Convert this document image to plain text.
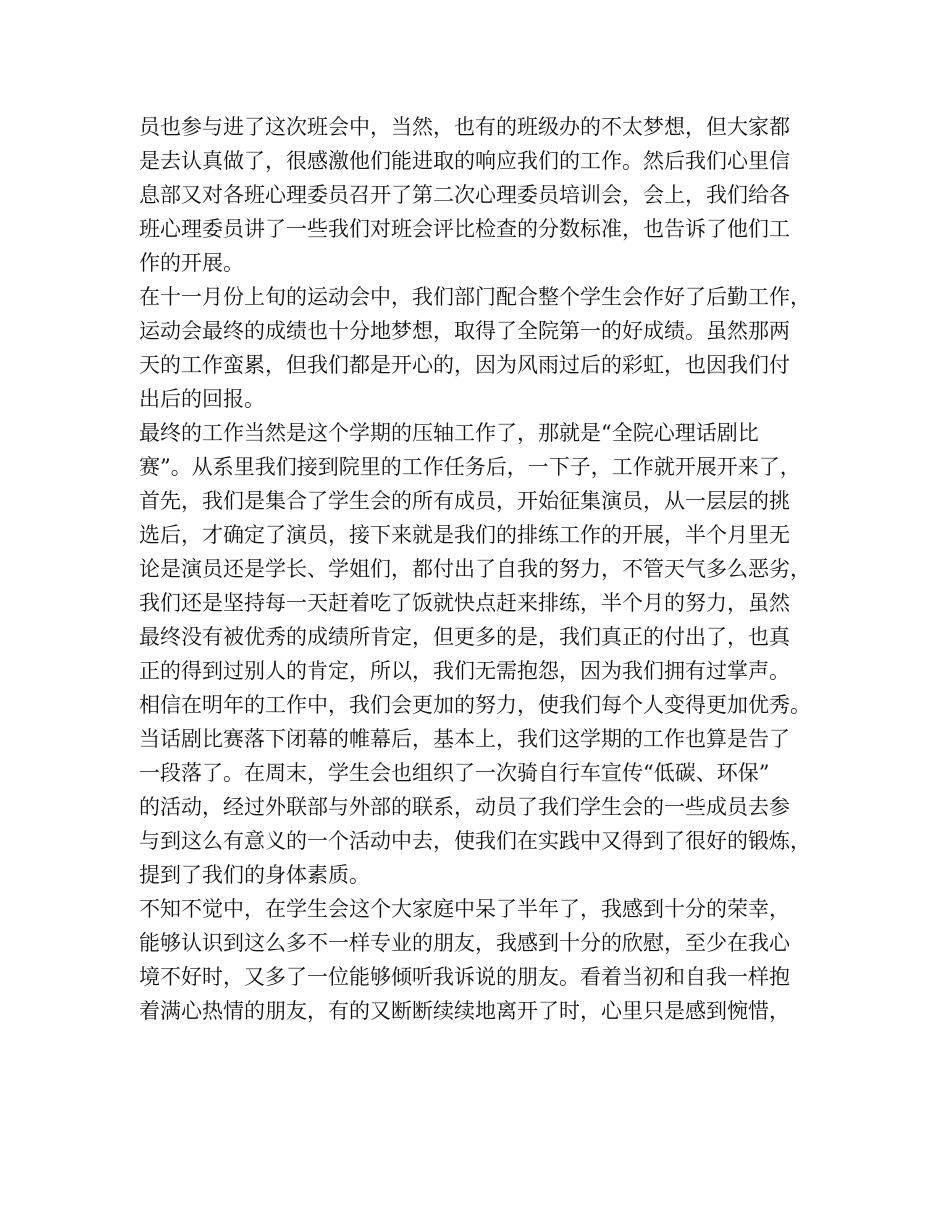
员也参与进了这次班会中，当然，也有的班级办的不太梦想，但大家都
是去认真做了，很感激他们能进取的响应我们的工作。然后我们心里信
息部又对各班心理委员召开了第二次心理委员培训会，会上，我们给各
班心理委员讲了一些我们对班会评比检查的分数标准，也告诉了他们工
作的开展。
在十一月份上旬的运动会中，我们部门配合整个学生会作好了后勤工作，
运动会最终的成绩也十分地梦想，取得了全院第一的好成绩。虽然那两
天的工作蛮累，但我们都是开心的，因为风雨过后的彩虹，也因我们付
出后的回报。
最终的工作当然是这个学期的压轴工作了，那就是“全院心理话剧比
赛”。从系里我们接到院里的工作任务后，一下子，工作就开展开来了，
首先，我们是集合了学生会的所有成员，开始征集演员，从一层层的挑
选后，才确定了演员，接下来就是我们的排练工作的开展，半个月里无
论是演员还是学长、学姐们，都付出了自我的努力，不管天气多么恶劣，
我们还是坚持每一天赶着吃了饭就快点赶来排练，半个月的努力，虽然
最终没有被优秀的成绩所肯定，但更多的是，我们真正的付出了，也真
正的得到过别人的肯定，所以，我们无需抱怨，因为我们拥有过掌声。
相信在明年的工作中，我们会更加的努力，使我们每个人变得更加优秀。
当话剧比赛落下闭幕的帷幕后，基本上，我们这学期的工作也算是告了
一段落了。在周末，学生会也组织了一次骑自行车宣传“低碳、环保”
的活动，经过外联部与外部的联系，动员了我们学生会的一些成员去参
与到这么有意义的一个活动中去，使我们在实践中又得到了很好的锻炼，
提到了我们的身体素质。
不知不觉中，在学生会这个大家庭中呆了半年了，我感到十分的荣幸，
能够认识到这么多不一样专业的朋友，我感到十分的欣慰，至少在我心
境不好时，又多了一位能够倾听我诉说的朋友。看着当初和自我一样抱
着满心热情的朋友，有的又断断续续地离开了时，心里只是感到惋惜，
